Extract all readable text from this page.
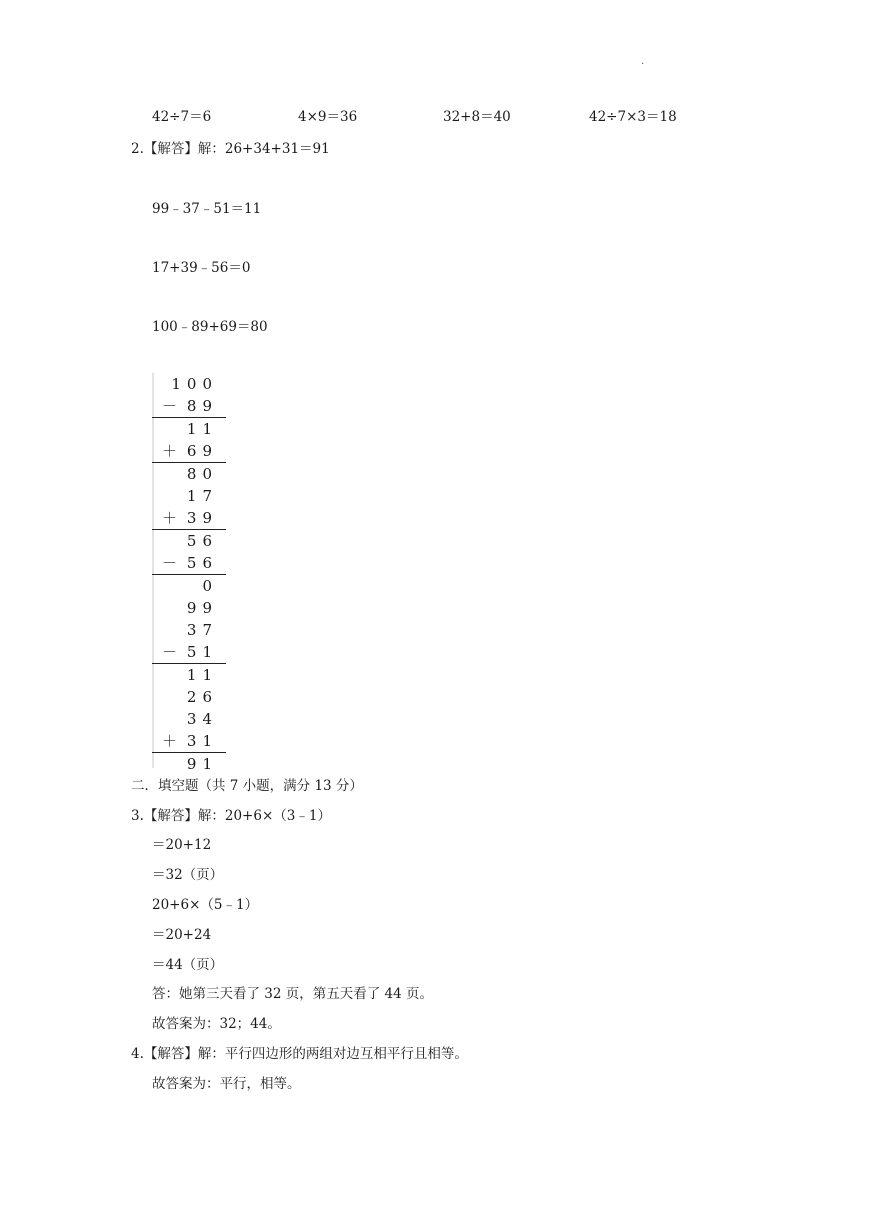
.
42÷7＝6	4×9＝36	32+8＝40	42÷7×3＝18
2.【解答】解：26+34+31＝91
99﹣37﹣51＝11
17+39﹣56＝0
100﹣89+69＝80
100
－ 89
11
＋ 69
80
17
＋ 39
56
－ 56
0
99
37
－ 51
11
26
34
＋ 31
91
二．填空题（共 7 小题，满分 13 分）
3.【解答】解：20+6×（3﹣1）
＝20+12
＝32（页）
20+6×（5﹣1）
＝20+24
＝44（页）
答：她第三天看了 32 页，第五天看了 44 页。
故答案为：32；44。
4.【解答】解：平行四边形的两组对边互相平行且相等。
故答案为：平行，相等。
